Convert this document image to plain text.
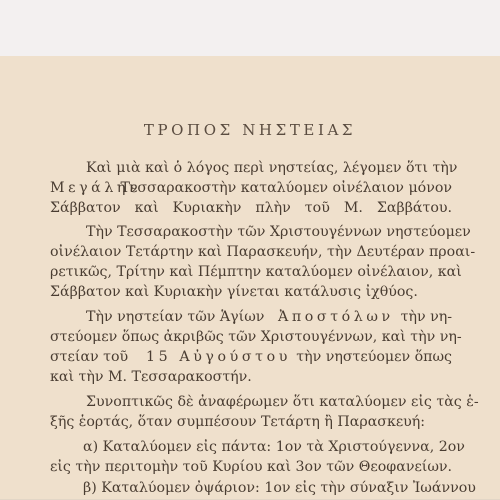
ΤΡΟΠΟΣ ΝΗΣΤΕΙΑΣ
Καὶ μιὰ καὶ ὁ λόγος περὶ νηστείας, λέγομεν ὅτι τὴν
Μεγάλην
Τεσσαρακοστὴν καταλύομεν οἰνέλαιον μόνον
Σάββατον καὶ Κυριακὴν πλὴν τοῦ Μ. Σαββάτου.
Τὴν Τεσσαρακοστὴν τῶν Χριστουγέννων νηστεύομεν
οἰνέλαιον Τετάρτην καὶ Παρασκευήν, τὴν Δευτέραν προαι-
ρετικῶς, Τρίτην καὶ Πέμπτην καταλύομεν οἰνέλαιον, καὶ
Σάββατον καὶ Κυριακὴν γίνεται κατάλυσις ἰχθύος.
Τὴν νηστείαν τῶν Ἁγίων Ἀποστόλων τὴν νη-
στεύομεν ὅπως ἀκριβῶς τῶν Χριστουγέννων, καὶ τὴν νη-
στείαν τοῦ 15 Αὐγούστου τὴν νηστεύομεν ὅπως
καὶ τὴν Μ. Τεσσαρακοστήν.
Συνοπτικῶς δὲ ἀναφέρωμεν ὅτι καταλύομεν εἰς τὰς ἑ-
ξῆς ἑορτάς, ὅταν συμπέσουν Τετάρτη ἢ Παρασκευή:
α) Καταλύομεν εἰς πάντα: 1ον τὰ Χριστούγεννα, 2ον
εἰς τὴν περιτομὴν τοῦ Κυρίου καὶ 3ον τῶν Θεοφανείων.
β) Καταλύομεν ὀψάριον: 1ον εἰς τὴν σύναξιν Ἰωάννου
